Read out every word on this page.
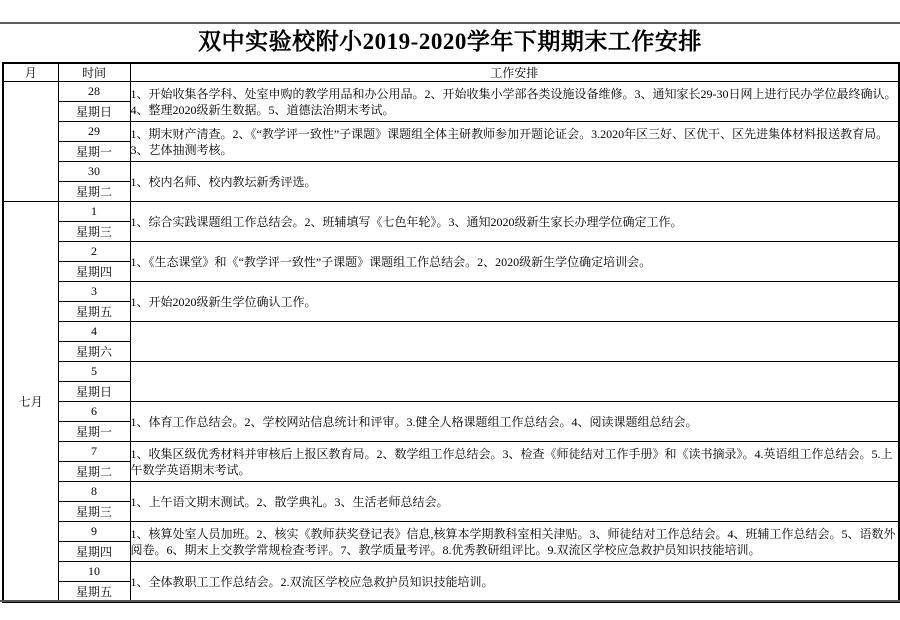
双中实验校附小2019-2020学年下期期末工作安排
月	时间	工作安排
	28	1、开始收集各学科、处室申购的教学用品和办公用品。2、开始收集小学部各类设施设备维修。3、通知家长29-30日网上进行民办学位最终确认。4、整理2020级新生数据。5、道德法治期末考试。
	星期日	
	29	1、期末财产清查。2、《“教学评一致性”子课题》课题组全体主研教师参加开题论证会。3.2020年区三好、区优干、区先进集体材料报送教育局。3、艺体抽测考核。
	星期一	
	30	1、校内名师、校内教坛新秀评选。
	星期二	
七月	1	1、综合实践课题组工作总结会。2、班辅填写《七色年轮》。3、通知2020级新生家长办理学位确定工作。
	星期三	
	2	1、《生态课堂》和《“教学评一致性”子课题》课题组工作总结会。2、2020级新生学位确定培训会。
	星期四	
	3	1、开始2020级新生学位确认工作。
	星期五	
	4	
	星期六	
	5	
	星期日	
	6	1、体育工作总结会。2、学校网站信息统计和评审。3.健全人格课题组工作总结会。4、阅读课题组总结会。
	星期一	
	7	1、收集区级优秀材料并审核后上报区教育局。2、数学组工作总结会。3、检查《师徒结对工作手册》和《读书摘录》。4.英语组工作总结会。5.上午数学英语期末考试。
	星期二	
	8	1、上午语文期末测试。2、散学典礼。3、生活老师总结会。
	星期三	
	9	1、核算处室人员加班。2、核实《教师获奖登记表》信息,核算本学期教科室相关津贴。3、师徒结对工作总结会。4、班辅工作总结会。5、语数外阅卷。6、期末上交教学常规检查考评。7、教学质量考评。8.优秀教研组评比。9.双流区学校应急救护员知识技能培训。
	星期四	
	10	1、全体教职工工作总结会。2.双流区学校应急救护员知识技能培训。
	星期五	
